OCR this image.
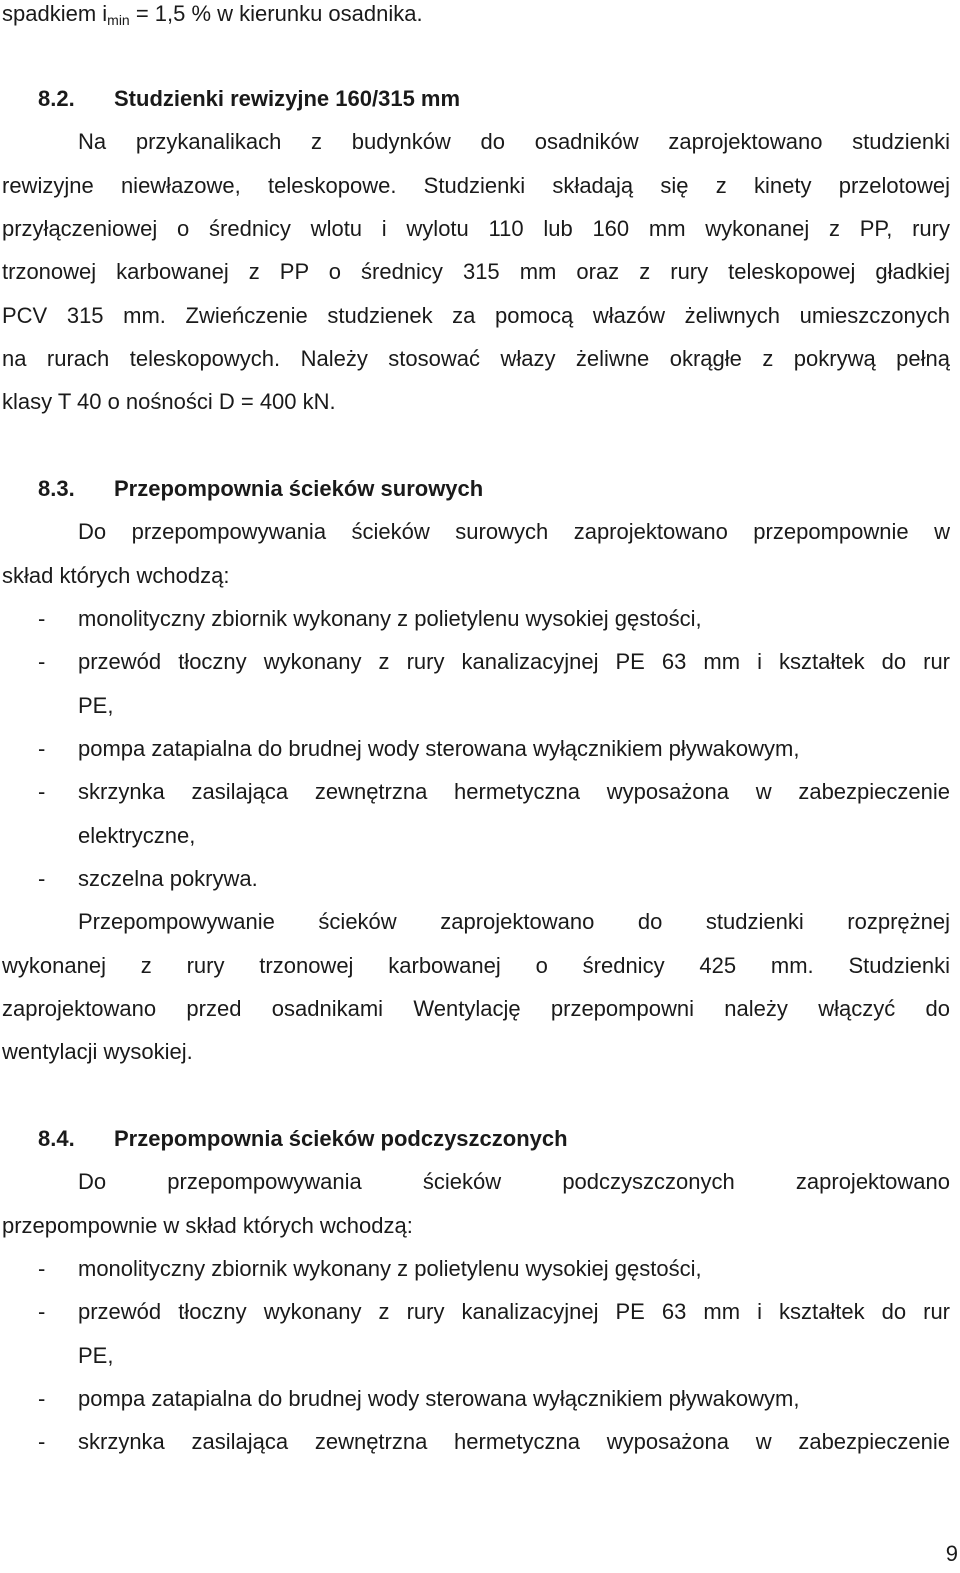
spadkiem $i_{min} = 1,5$ % w kierunku osadnika.
8.2.	Studzienki rewizyjne 160/315 mm
Na przykanalikach z budynków do osadników zaprojektowano studzienki
rewizyjne niewłazowe, teleskopowe. Studzienki składają się z kinety przelotowej
przyłączeniowej o średnicy wlotu i wylotu 110 lub 160 mm wykonanej z PP, rury
trzonowej karbowanej z PP o średnicy 315 mm oraz z rury teleskopowej gładkiej
PCV 315 mm. Zwieńczenie studzienek za pomocą włazów żeliwnych umieszczonych
na rurach teleskopowych. Należy stosować włazy żeliwne okrągłe z pokrywą pełną
klasy T 40 o nośności D = 400 kN.
8.3.	Przepompownia ścieków surowych
Do przepompowywania ścieków surowych zaprojektowano przepompownie w
skład których wchodzą:
-	monolityczny zbiornik wykonany z polietylenu wysokiej gęstości,
-	przewód tłoczny wykonany z rury kanalizacyjnej PE 63 mm i kształtek do rur
PE,
-	pompa zatapialna do brudnej wody sterowana wyłącznikiem pływakowym,
-	skrzynka zasilająca zewnętrzna hermetyczna wyposażona w zabezpieczenie
elektryczne,
-	szczelna pokrywa.
Przepompowywanie ścieków zaprojektowano do studzienki rozprężnej
wykonanej z rury trzonowej karbowanej o średnicy 425 mm. Studzienki
zaprojektowano przed osadnikami Wentylację przepompowni należy włączyć do
wentylacji wysokiej.
8.4.	Przepompownia ścieków podczyszczonych
Do przepompowywania ścieków podczyszczonych zaprojektowano
przepompownie w skład których wchodzą:
-	monolityczny zbiornik wykonany z polietylenu wysokiej gęstości,
-	przewód tłoczny wykonany z rury kanalizacyjnej PE 63 mm i kształtek do rur
PE,
-	pompa zatapialna do brudnej wody sterowana wyłącznikiem pływakowym,
-	skrzynka zasilająca zewnętrzna hermetyczna wyposażona w zabezpieczenie
9
